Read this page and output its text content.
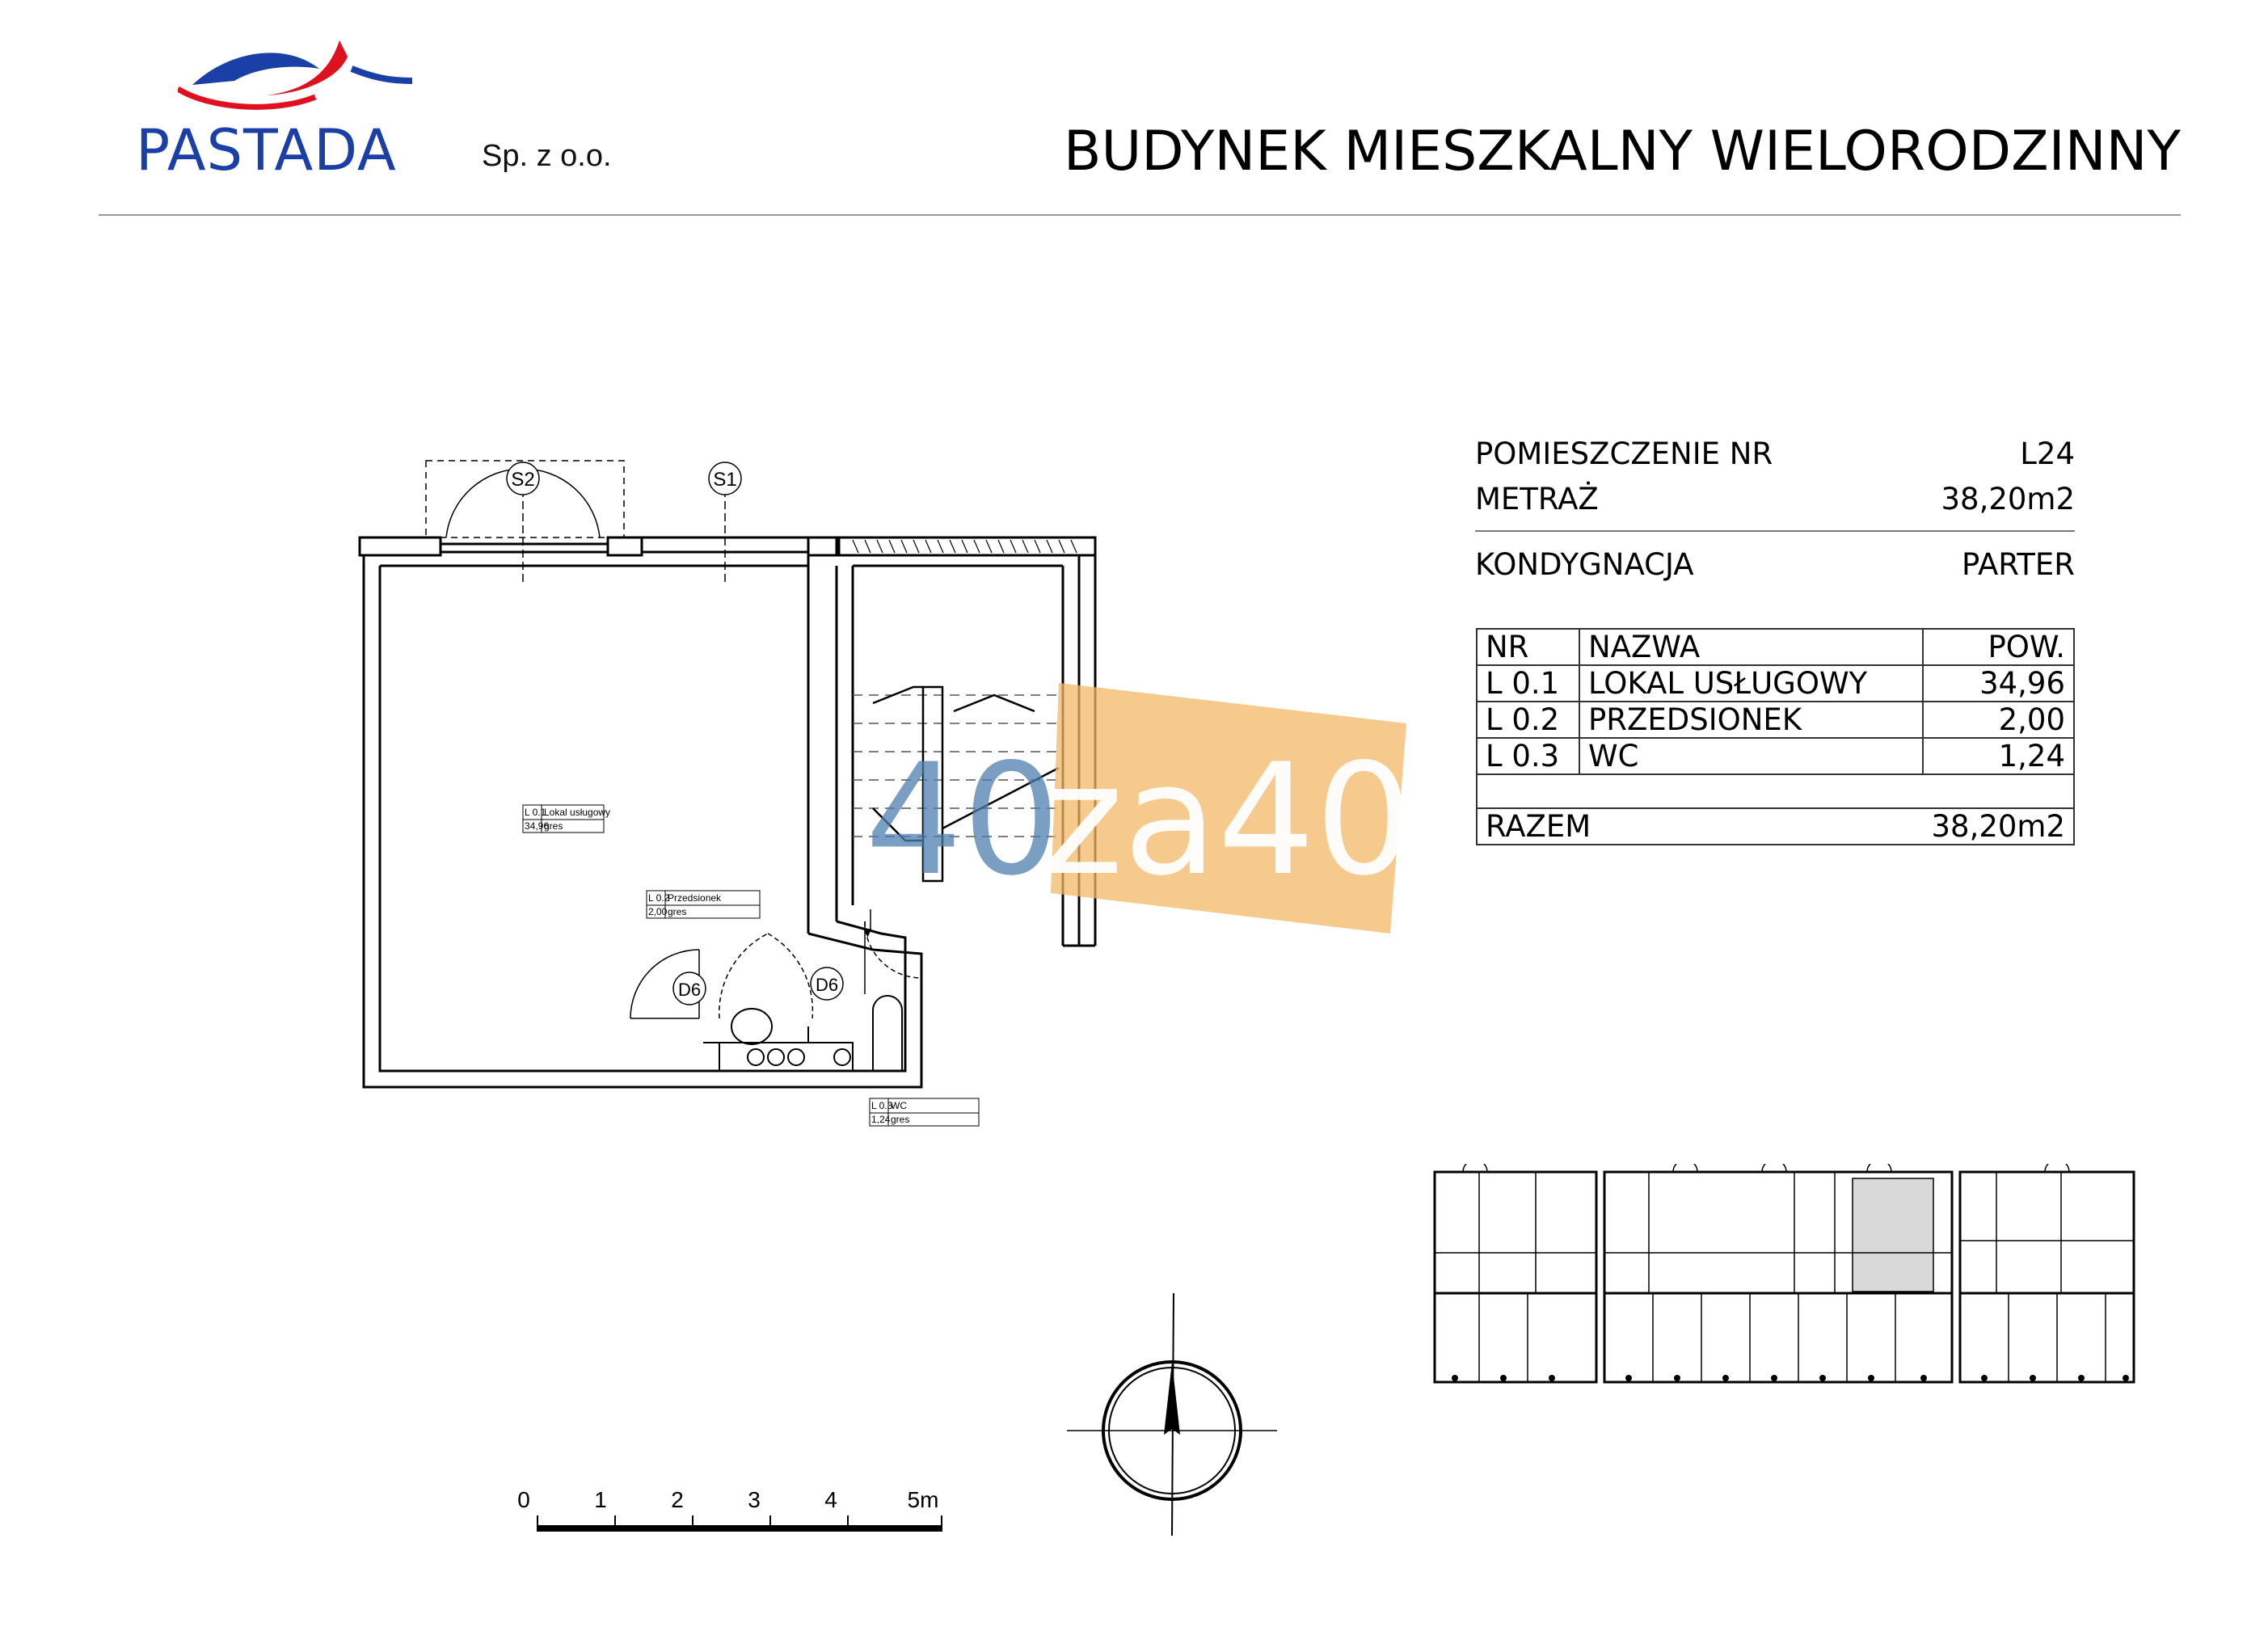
PASTADA	Sp. z o.o.	BUDYNEK MIESZKALNY WIELORODZINNY
POMIESZCZENIE NR	L24
METRAŻ	38,20m2
KONDYGNACJA	PARTER
NR	NAZWA	POW.
L 0.1	LOKAL USŁUGOWY	34,96
L 0.2	PRZEDSIONEK	2,00
L 0.3	WC	1,24

RAZEM		38,20m2
S2	S1
D6	D6
L 0.1
Lokal usługowy
34,96
gres
L 0.2
Przedsionek
2,00 gres
L 0.3
WC
1,24 gres
40
za40
0	1	2	3	4	5m
